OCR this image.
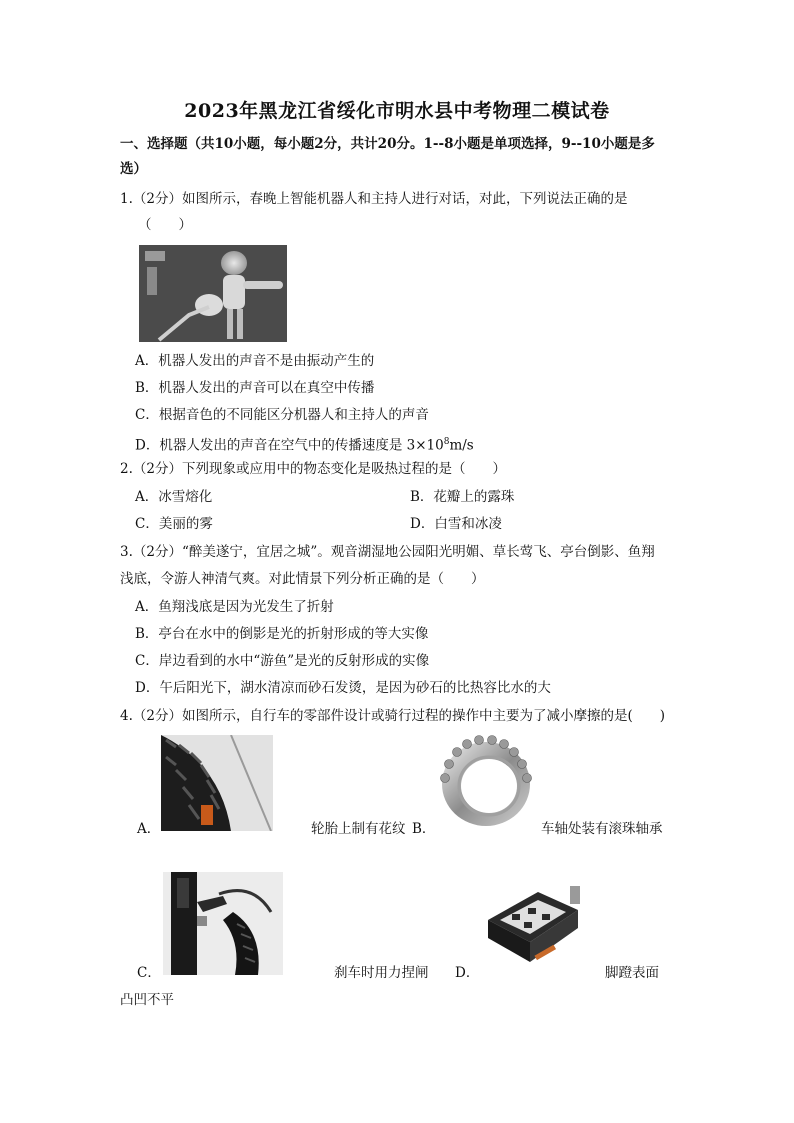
2023年黑龙江省绥化市明水县中考物理二模试卷
一、选择题（共10小题，每小题2分，共计20分。1--8小题是单项选择，9--10小题是多
选）
1.（2分）如图所示，春晚上智能机器人和主持人进行对话，对此，下列说法正确的是
（　　）
A．机器人发出的声音不是由振动产生的
B．机器人发出的声音可以在真空中传播
C．根据音色的不同能区分机器人和主持人的声音
D．机器人发出的声音在空气中的传播速度是 $3\times 10^8m/s$
2.（2分）下列现象或应用中的物态变化是吸热过程的是（　　）
A．冰雪熔化	B．花瓣上的露珠
C．美丽的雾	D．白雪和冰凌
3.（2分）“醉美遂宁，宜居之城”。观音湖湿地公园阳光明媚、草长莺飞、亭台倒影、鱼翔
浅底，令游人神清气爽。对此情景下列分析正确的是（　　）
A．鱼翔浅底是因为光发生了折射
B．亭台在水中的倒影是光的折射形成的等大实像
C．岸边看到的水中“游鱼”是光的反射形成的实像
D．午后阳光下，湖水清凉而砂石发烫，是因为砂石的比热容比水的大
4.（2分）如图所示，自行车的零部件设计或骑行过程的操作中主要为了减小摩擦的是(　　)
A．	轮胎上制有花纹 B．	车轴处装有滚珠轴承
C．	刹车时用力捏闸 D．	脚蹬表面
凸凹不平
